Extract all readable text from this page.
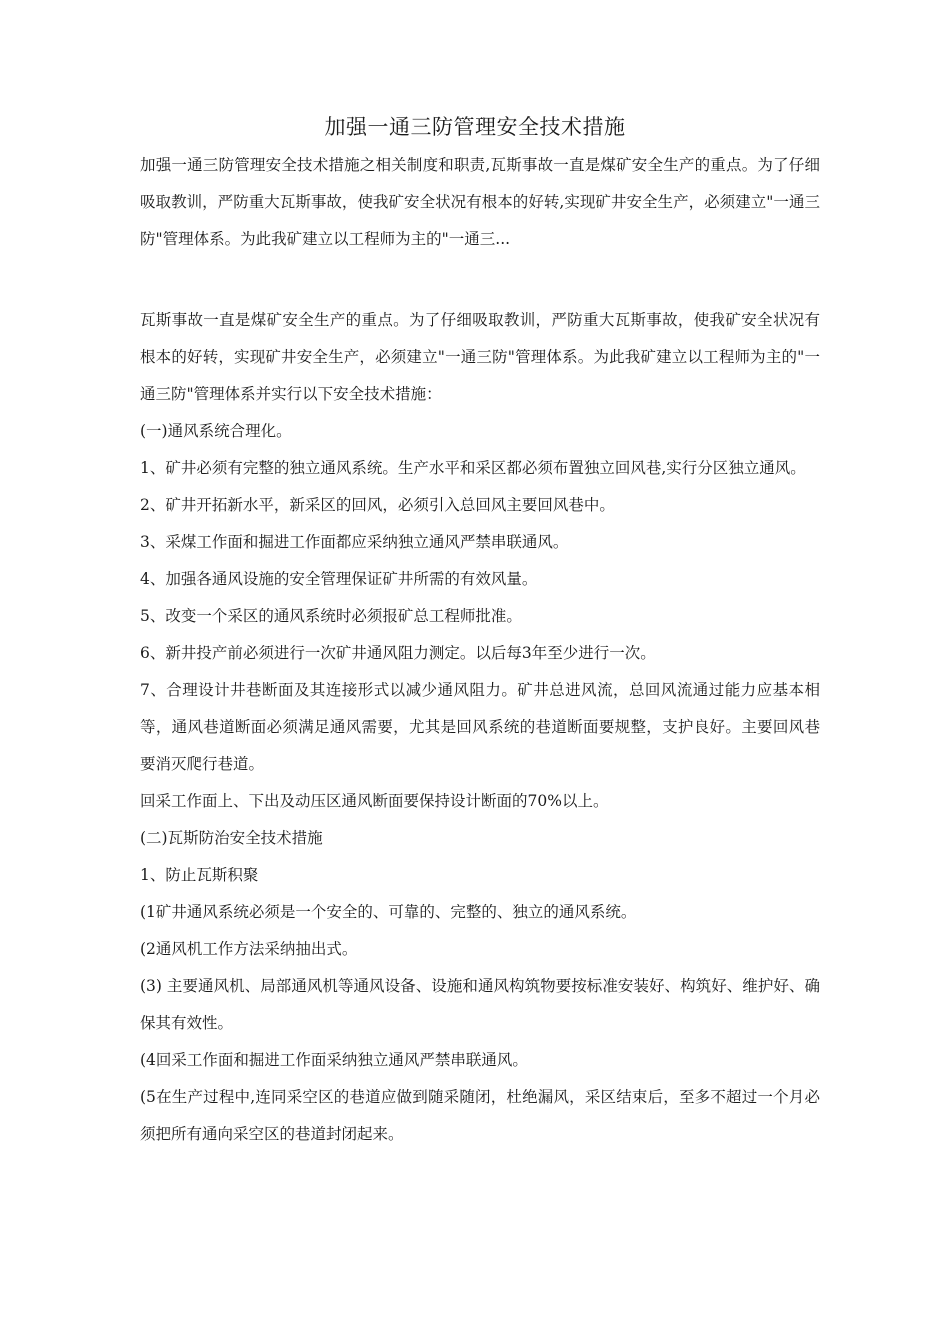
加强一通三防管理安全技术措施

加强一通三防管理安全技术措施之相关制度和职责,瓦斯事故一直是煤矿安全生产的重点。为了仔细吸取教训，严防重大瓦斯事故，使我矿安全状况有根本的好转,实现矿井安全生产，必须建立"一通三防"管理体系。为此我矿建立以工程师为主的"一通三...

瓦斯事故一直是煤矿安全生产的重点。为了仔细吸取教训，严防重大瓦斯事故，使我矿安全状况有根本的好转，实现矿井安全生产，必须建立"一通三防"管理体系。为此我矿建立以工程师为主的"一通三防"管理体系并实行以下安全技术措施：

(一)通风系统合理化。

1、矿井必须有完整的独立通风系统。生产水平和采区都必须布置独立回风巷,实行分区独立通风。

2、矿井开拓新水平，新采区的回风，必须引入总回风主要回风巷中。

3、采煤工作面和掘进工作面都应采纳独立通风严禁串联通风。

4、加强各通风设施的安全管理保证矿井所需的有效风量。

5、改变一个采区的通风系统时必须报矿总工程师批准。

6、新井投产前必须进行一次矿井通风阻力测定。以后每3年至少进行一次。

7、合理设计井巷断面及其连接形式以减少通风阻力。矿井总进风流，总回风流通过能力应基本相等，通风巷道断面必须满足通风需要，尤其是回风系统的巷道断面要规整，支护良好。主要回风巷要消灭爬行巷道。

回采工作面上、下出及动压区通风断面要保持设计断面的70%以上。

(二)瓦斯防治安全技术措施

1、防止瓦斯积聚

(1矿井通风系统必须是一个安全的、可靠的、完整的、独立的通风系统。

(2通风机工作方法采纳抽出式。

(3) 主要通风机、局部通风机等通风设备、设施和通风构筑物要按标准安装好、构筑好、维护好、确保其有效性。

(4回采工作面和掘进工作面采纳独立通风严禁串联通风。

(5在生产过程中,连同采空区的巷道应做到随采随闭，杜绝漏风，采区结束后，至多不超过一个月必须把所有通向采空区的巷道封闭起来。
